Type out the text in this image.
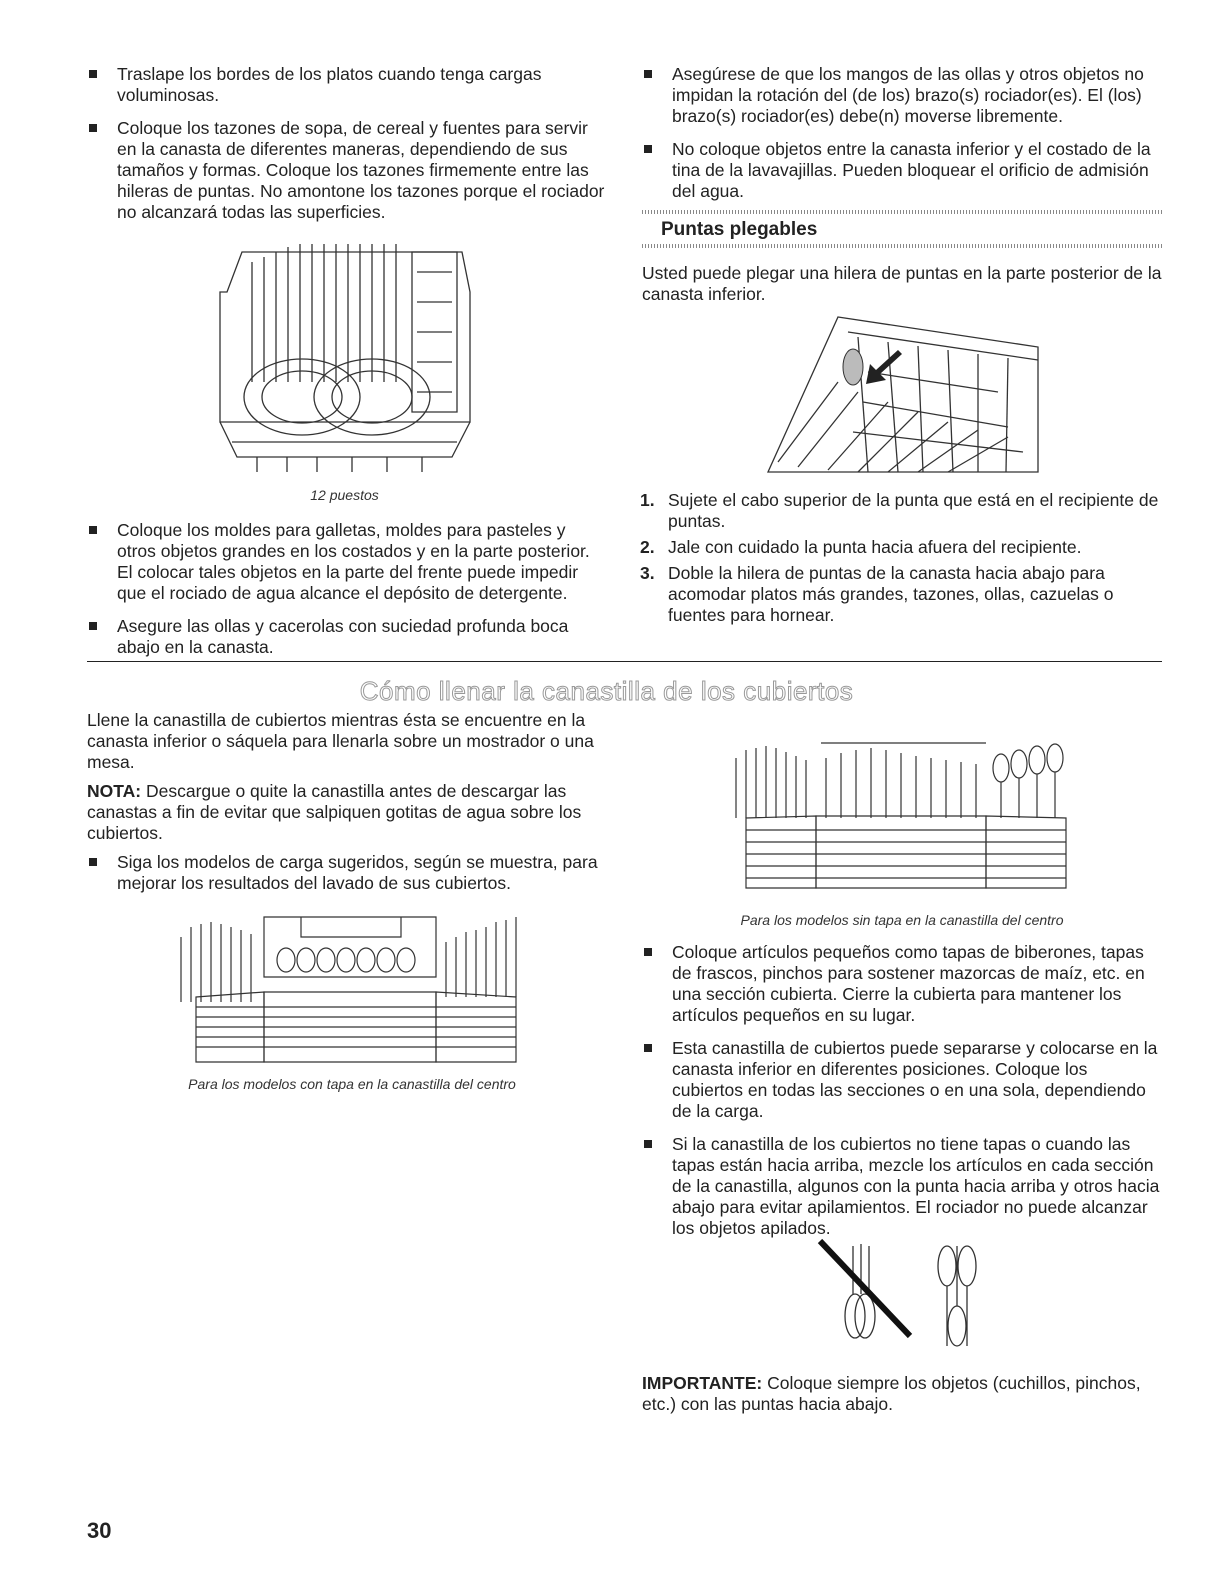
Traslape los bordes de los platos cuando tenga cargas voluminosas.
Coloque los tazones de sopa, de cereal y fuentes para servir en la canasta de diferentes maneras, dependiendo de sus tamaños y formas. Coloque los tazones firmemente entre las hileras de puntas. No amontone los tazones porque el rociador no alcanzará todas las superficies.
12 puestos
Coloque los moldes para galletas, moldes para pasteles y otros objetos grandes en los costados y en la parte posterior. El colocar tales objetos en la parte del frente puede impedir que el rociado de agua alcance el depósito de detergente.
Asegure las ollas y cacerolas con suciedad profunda boca abajo en la canasta.
Asegúrese de que los mangos de las ollas y otros objetos no impidan la rotación del (de los) brazo(s) rociador(es). El (los) brazo(s) rociador(es) debe(n) moverse libremente.
No coloque objetos entre la canasta inferior y el costado de la tina de la lavavajillas. Pueden bloquear el orificio de admisión del agua.
Puntas plegables

Usted puede plegar una hilera de puntas en la parte posterior de la canasta inferior.

1. Sujete el cabo superior de la punta que está en el recipiente de puntas.
2. Jale con cuidado la punta hacia afuera del recipiente.
3. Doble la hilera de puntas de la canasta hacia abajo para acomodar platos más grandes, tazones, ollas, cazuelas o fuentes para hornear.
Cómo llenar la canastilla de los cubiertos

Llene la canastilla de cubiertos mientras ésta se encuentre en la canasta inferior o sáquela para llenarla sobre un mostrador o una mesa.

NOTA: Descargue o quite la canastilla antes de descargar las canastas a fin de evitar que salpiquen gotitas de agua sobre los cubiertos.

Siga los modelos de carga sugeridos, según se muestra, para mejorar los resultados del lavado de sus cubiertos.
Para los modelos con tapa en la canastilla del centro
Para los modelos sin tapa en la canastilla del centro
Coloque artículos pequeños como tapas de biberones, tapas de frascos, pinchos para sostener mazorcas de maíz, etc. en una sección cubierta. Cierre la cubierta para mantener los artículos pequeños en su lugar.
Esta canastilla de cubiertos puede separarse y colocarse en la canasta inferior en diferentes posiciones. Coloque los cubiertos en todas las secciones o en una sola, dependiendo de la carga.
Si la canastilla de los cubiertos no tiene tapas o cuando las tapas están hacia arriba, mezcle los artículos en cada sección de la canastilla, algunos con la punta hacia arriba y otros hacia abajo para evitar apilamientos. El rociador no puede alcanzar los objetos apilados.

IMPORTANTE: Coloque siempre los objetos (cuchillos, pinchos, etc.) con las puntas hacia abajo.

30
